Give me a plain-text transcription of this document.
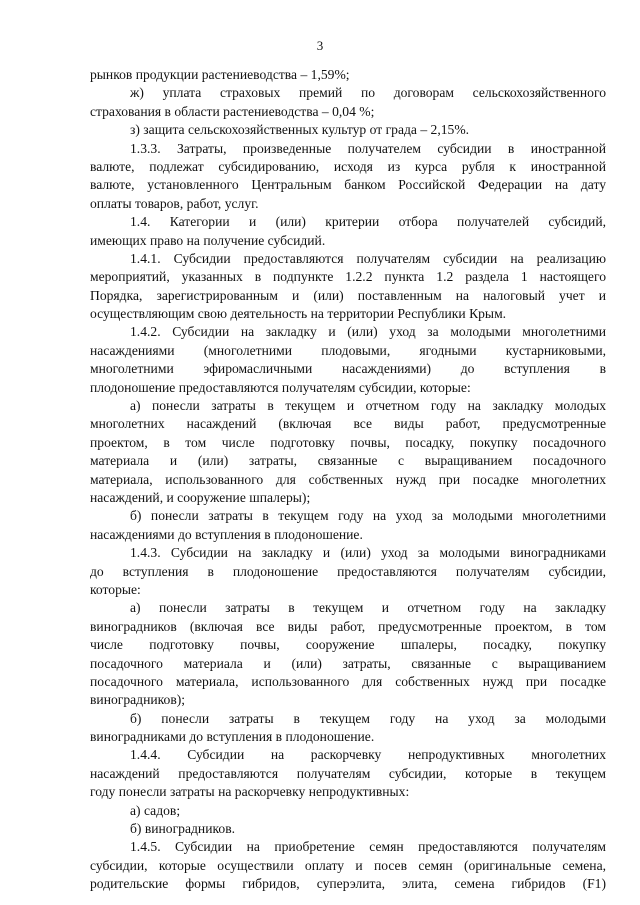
3
рынков продукции растениеводства – 1,59%;
ж) уплата страховых премий по договорам сельскохозяйственного
страхования в области растениеводства – 0,04 %;
з) защита сельскохозяйственных культур от града – 2,15%.
1.3.3. Затраты, произведенные получателем субсидии в иностранной
валюте, подлежат субсидированию, исходя из курса рубля к иностранной
валюте, установленного Центральным банком Российской Федерации на дату
оплаты товаров, работ, услуг.
1.4. Категории и (или) критерии отбора получателей субсидий,
имеющих право на получение субсидий.
1.4.1. Субсидии предоставляются получателям субсидии на реализацию
мероприятий, указанных в подпункте 1.2.2 пункта 1.2 раздела 1 настоящего
Порядка, зарегистрированным и (или) поставленным на налоговый учет и
осуществляющим свою деятельность на территории Республики Крым.
1.4.2. Субсидии на закладку и (или) уход за молодыми многолетними
насаждениями (многолетними плодовыми, ягодными кустарниковыми,
многолетними эфиромасличными насаждениями) до вступления в
плодоношение предоставляются получателям субсидии, которые:
а) понесли затраты в текущем и отчетном году на закладку молодых
многолетних насаждений (включая все виды работ, предусмотренные
проектом, в том числе подготовку почвы, посадку, покупку посадочного
материала и (или) затраты, связанные с выращиванием посадочного
материала, использованного для собственных нужд при посадке многолетних
насаждений, и сооружение шпалеры);
б) понесли затраты в текущем году на уход за молодыми многолетними
насаждениями до вступления в плодоношение.
1.4.3. Субсидии на закладку и (или) уход за молодыми виноградниками
до вступления в плодоношение предоставляются получателям субсидии,
которые:
а) понесли затраты в текущем и отчетном году на закладку
виноградников (включая все виды работ, предусмотренные проектом, в том
числе подготовку почвы, сооружение шпалеры, посадку, покупку
посадочного материала и (или) затраты, связанные с выращиванием
посадочного материала, использованного для собственных нужд при посадке
виноградников);
б) понесли затраты в текущем году на уход за молодыми
виноградниками до вступления в плодоношение.
1.4.4. Субсидии на раскорчевку непродуктивных многолетних
насаждений предоставляются получателям субсидии, которые в текущем
году понесли затраты на раскорчевку непродуктивных:
а) садов;
б) виноградников.
1.4.5. Субсидии на приобретение семян предоставляются получателям
субсидии, которые осуществили оплату и посев семян (оригинальные семена,
родительские формы гибридов, суперэлита, элита, семена гибридов (F1)
